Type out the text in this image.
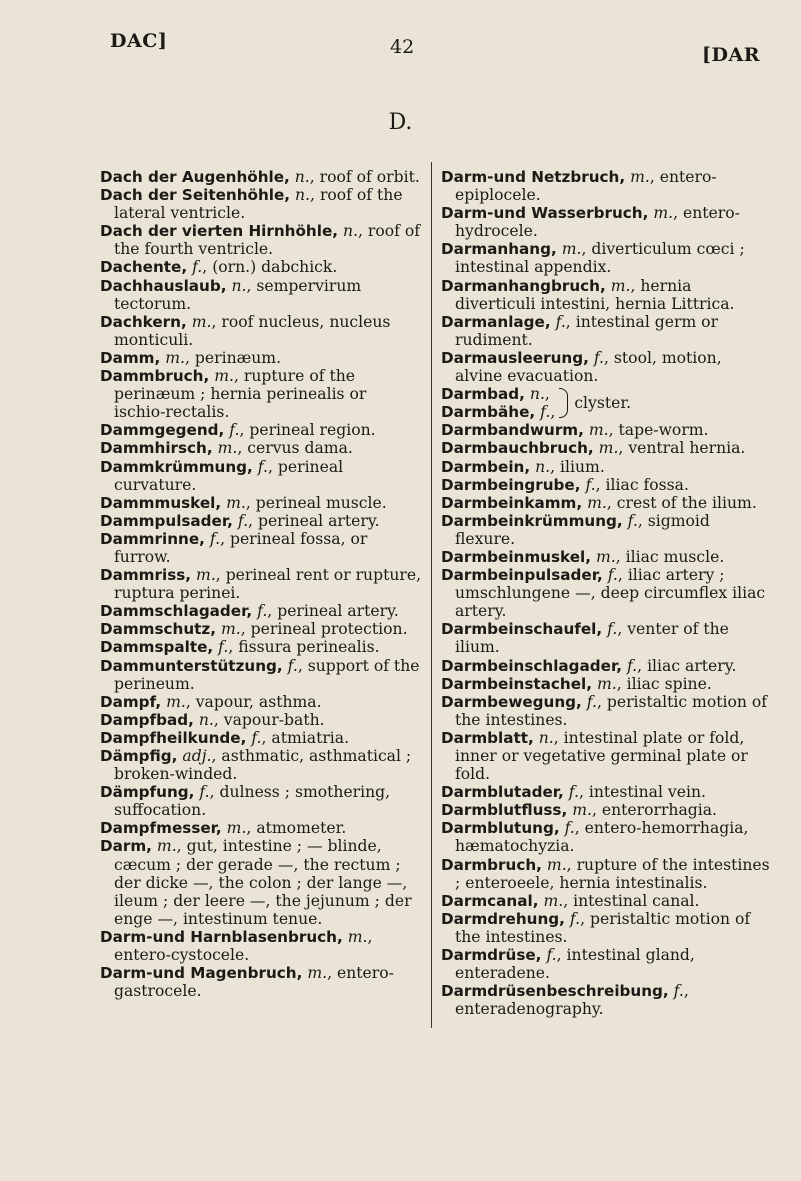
DAC]	42	[DAR
D.

Dach der Augenhöhle, n., roof of orbit.

Dach der Seitenhöhle, n., roof of the lateral ventricle.

Dach der vierten Hirnhöhle, n., roof of the fourth ventricle.

Dachente, f., (orn.) dabchick.

Dachhauslaub, n., sempervirum tectorum.

Dachkern, m., roof nucleus, nucleus monticuli.

Damm, m., perinæum.

Dammbruch, m., rupture of the perinæum ; hernia perinealis or ischio-rectalis.

Dammgegend, f., perineal region.

Dammhirsch, m., cervus dama.

Dammkrümmung, f., perineal curvature.

Dammmuskel, m., perineal muscle.

Dammpulsader, f., perineal artery.

Dammrinne, f., perineal fossa, or furrow.

Dammriss, m., perineal rent or rupture, ruptura perinei.

Dammschlagader, f., perineal artery.

Dammschutz, m., perineal protection.

Dammspalte, f., fissura perinealis.

Dammunterstützung, f., support of the perineum.

Dampf, m., vapour, asthma.

Dampfbad, n., vapour-bath.

Dampfheilkunde, f., atmiatria.

Dämpfig, adj., asthmatic, asthmatical ; broken-winded.

Dämpfung, f., dulness ; smothering, suffocation.

Dampfmesser, m., atmometer.

Darm, m., gut, intestine ; — blinde, cæcum ; der gerade —, the rectum ; der dicke —, the colon ; der lange —, ileum ; der leere —, the jejunum ; der enge —, intestinum tenue.

Darm-und Harnblasenbruch, m., entero-cystocele.

Darm-und Magenbruch, m., entero-gastrocele.

Darm-und Netzbruch, m., entero-epiplocele.

Darm-und Wasserbruch, m., entero-hydrocele.

Darmanhang, m., diverticulum cœci ; intestinal appendix.

Darmanhangbruch, m., hernia diverticuli intestini, hernia Littrica.

Darmanlage, f., intestinal germ or rudiment.

Darmausleerung, f., stool, motion, alvine evacuation.

Darmbad, n.,

Darmbähe, f.,

clyster.

Darmbandwurm, m., tape-worm.

Darmbauchbruch, m., ventral hernia.

Darmbein, n., ilium.

Darmbeingrube, f., iliac fossa.

Darmbeinkamm, m., crest of the ilium.

Darmbeinkrümmung, f., sigmoid flexure.

Darmbeinmuskel, m., iliac muscle.

Darmbeinpulsader, f., iliac artery ; umschlungene —, deep circumflex iliac artery.

Darmbeinschaufel, f., venter of the ilium.

Darmbeinschlagader, f., iliac artery.

Darmbeinstachel, m., iliac spine.

Darmbewegung, f., peristaltic motion of the intestines.

Darmblatt, n., intestinal plate or fold, inner or vegetative germinal plate or fold.

Darmblutader, f., intestinal vein.

Darmblutfluss, m., enterorrhagia.

Darmblutung, f., entero-hemorrhagia, hæmatochyzia.

Darmbruch, m., rupture of the intestines ; enteroeele, hernia intestinalis.

Darmcanal, m., intestinal canal.

Darmdrehung, f., peristaltic motion of the intestines.

Darmdrüse, f., intestinal gland, enteradene.

Darmdrüsenbeschreibung, f., enteradenography.
